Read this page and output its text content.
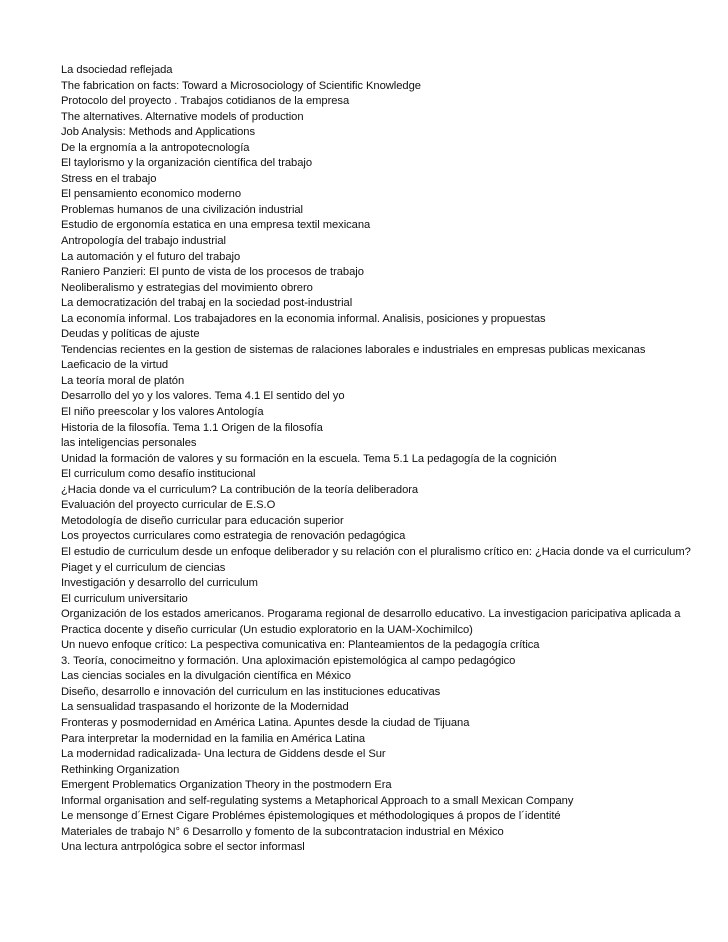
La dsociedad reflejada
The fabrication on facts: Toward a Microsociology of Scientific Knowledge
Protocolo del proyecto . Trabajos cotidianos de la empresa
The alternatives. Alternative models of production
Job Analysis: Methods and Applications
De la ergnomía a la antropotecnología
El taylorismo y la organización científica del trabajo
Stress en el trabajo
El pensamiento economico moderno
Problemas humanos de una civilización industrial
Estudio de ergonomía estatica en una empresa textil mexicana
Antropología del trabajo industrial
La automación y el futuro del trabajo
Raniero Panzieri: El punto de vista de los procesos de trabajo
Neoliberalismo y estrategias del movimiento obrero
La democratización del trabaj en la sociedad post-industrial
La economía informal. Los trabajadores en la economia informal. Analisis, posiciones y propuestas
Deudas y políticas de ajuste
Tendencias recientes en la gestion de sistemas de ralaciones laborales e industriales en empresas publicas mexicanas
Laeficacio de la virtud
La teoría moral de platón
Desarrollo del yo y los valores. Tema 4.1 El sentido del yo
El niño preescolar y los valores Antología
Historia de la filosofía. Tema 1.1 Origen de la filosofía
las inteligencias personales
Unidad la formación de valores y su formación en la escuela. Tema 5.1 La pedagogía de la cognición
El curriculum como desafío institucional
¿Hacia donde va el curriculum? La contribución de la teoría deliberadora
Evaluación del proyecto curricular de E.S.O
Metodología de diseño curricular para educación superior
Los proyectos curriculares como estrategia de renovación pedagógica
El estudio de curriculum desde un enfoque deliberador y su relación con el pluralismo crítico en: ¿Hacia donde va el curriculum?
Piaget y el curriculum de ciencias
Investigación y desarrollo del curriculum
El curriculum universitario
Organización de los estados americanos. Progarama regional de desarrollo educativo. La investigacion paricipativa aplicada a
Practica docente y diseño curricular (Un estudio exploratorio en la UAM-Xochimilco)
Un nuevo enfoque crítico: La pespectiva comunicativa en: Planteamientos de la pedagogía crítica
3. Teoría, conocimeitno y formación. Una aploximación epistemológica al campo pedagógico
Las ciencias sociales en la divulgación científica en México
Diseño, desarrollo e innovación del curriculum en las instituciones educativas
La sensualidad traspasando el horizonte de la Modernidad
Fronteras y posmodernidad en América Latina. Apuntes desde la ciudad de Tijuana
Para interpretar la modernidad en la familia en América Latina
La modernidad radicalizada- Una lectura de Giddens desde el Sur
Rethinking Organization
Emergent Problematics Organization Theory in the postmodern Era
Informal organisation and self-regulating systems a Metaphorical Approach to a small Mexican Company
Le mensonge d´Ernest Cigare Problémes épistemologiques et méthodologiques á propos de l´identité
Materiales de trabajo N° 6 Desarrollo y fomento de la subcontratacion industrial en México
Una lectura antrpológica sobre el sector informasl
